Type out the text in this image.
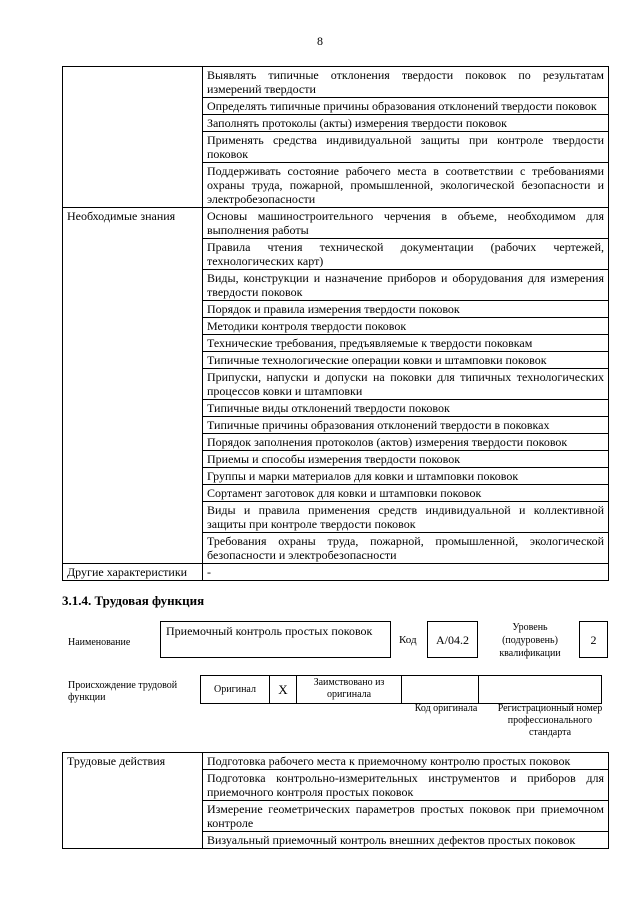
8
	Выявлять типичные отклонения твердости поковок по результатам измерений твердости
	Определять типичные причины образования отклонений твердости поковок
	Заполнять протоколы (акты) измерения твердости поковок
	Применять средства индивидуальной защиты при контроле твердости поковок
	Поддерживать состояние рабочего места в соответствии с требованиями охраны труда, пожарной, промышленной, экологической безопасности и электробезопасности
Необходимые знания	Основы машиностроительного черчения в объеме, необходимом для выполнения работы
	Правила чтения технической документации (рабочих чертежей, технологических карт)
	Виды, конструкции и назначение приборов и оборудования для измерения твердости поковок
	Порядок и правила измерения твердости поковок
	Методики контроля твердости поковок
	Технические требования, предъявляемые к твердости поковкам
	Типичные технологические операции ковки и штамповки поковок
	Припуски, напуски и допуски на поковки для типичных технологических процессов ковки и штамповки
	Типичные виды отклонений твердости поковок
	Типичные причины образования отклонений твердости в поковках
	Порядок заполнения протоколов (актов) измерения твердости поковок
	Приемы и способы измерения твердости поковок
	Группы и марки материалов для ковки и штамповки поковок
	Сортамент заготовок для ковки и штамповки поковок
	Виды и правила применения средств индивидуальной и коллективной защиты при контроле твердости поковок
	Требования охраны труда, пожарной, промышленной, экологической безопасности и электробезопасности
Другие характеристики	-
3.1.4. Трудовая функция
Наименование
Приемочный контроль простых поковок
Код	A/04.2
Уровень (подуровень) квалификации
2
Происхождение трудовой функции
Оригинал	X	Заимствовано из оригинала		
Код оригинала	Регистрационный номер профессионального стандарта
Трудовые действия	Подготовка рабочего места к приемочному контролю простых поковок
Подготовка контрольно-измерительных инструментов и приборов для приемочного контроля простых поковок
Измерение геометрических параметров простых поковок при приемочном контроле
Визуальный приемочный контроль внешних дефектов простых поковок
